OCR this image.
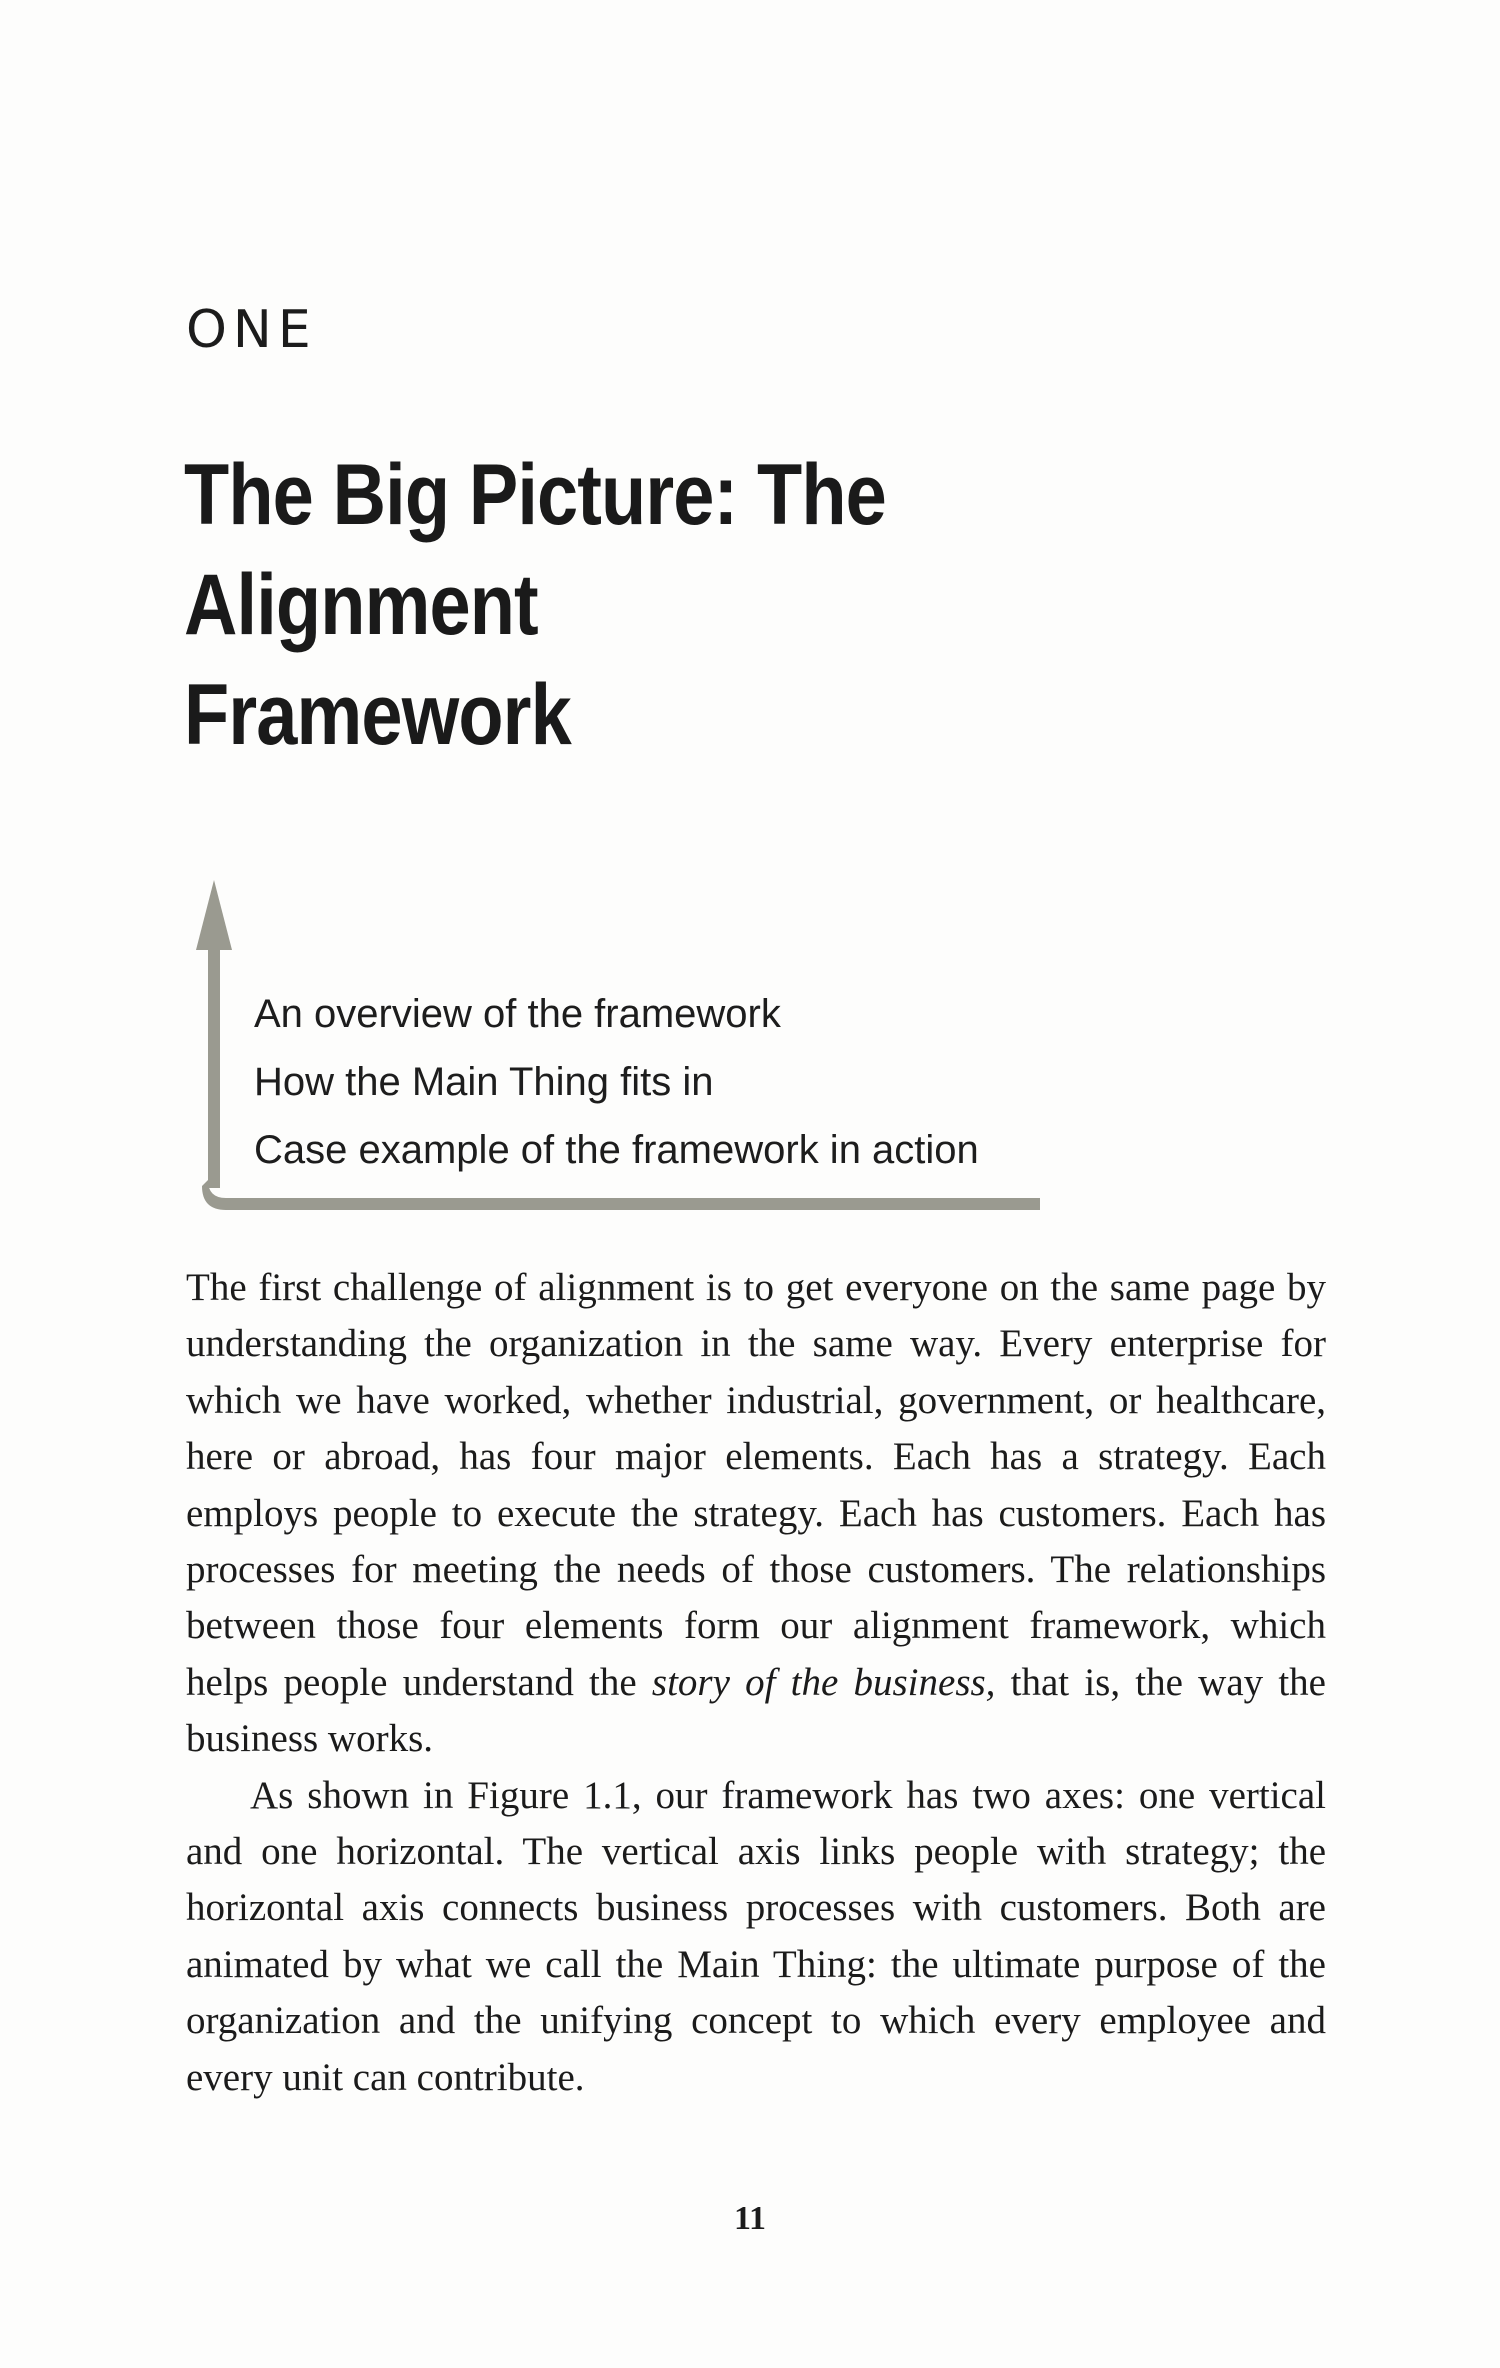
ONE
The Big Picture: The Alignment
Framework
An overview of the framework
How the Main Thing fits in
Case example of the framework in action

The first challenge of alignment is to get everyone on the same page by understanding the organization in the same way. Every enterprise for which we have worked, whether industrial, government, or healthcare, here or abroad, has four major elements. Each has a strategy. Each employs people to execute the strategy. Each has customers. Each has processes for meeting the needs of those customers. The relationships between those four elements form our alignment framework, which helps people understand the story of the business, that is, the way the business works.

As shown in Figure 1.1, our framework has two axes: one vertical and one horizontal. The vertical axis links people with strategy; the horizontal axis connects business processes with customers. Both are animated by what we call the Main Thing: the ultimate purpose of the organization and the unifying concept to which every employee and every unit can contribute.

11
